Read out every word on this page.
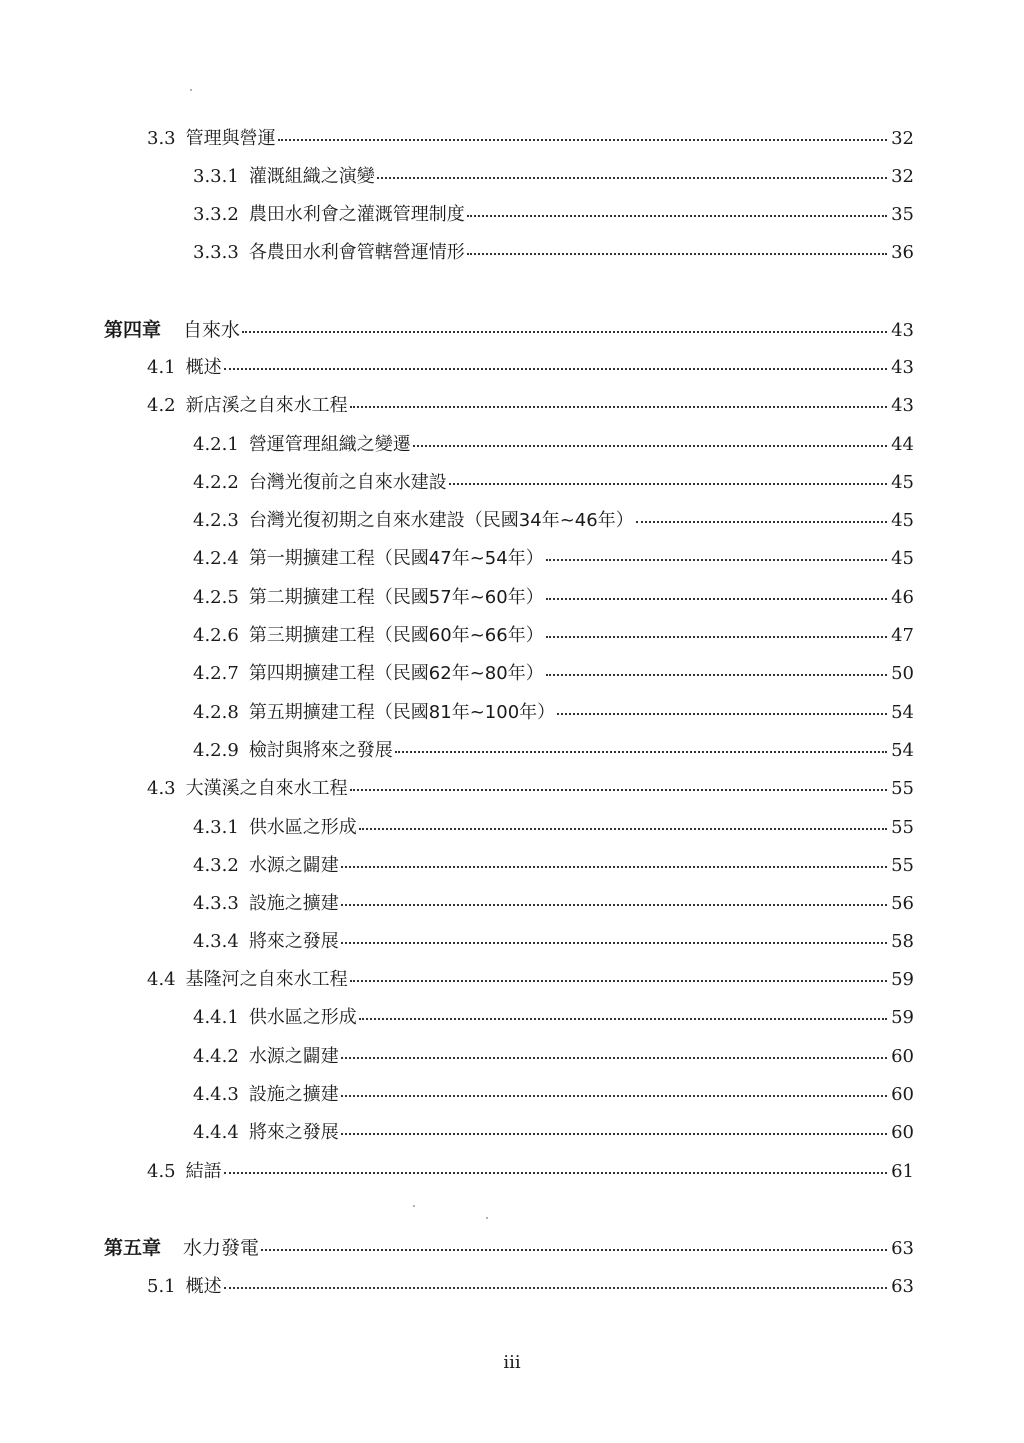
3.3 管理與營運	32
3.3.1 灌溉組織之演變	32
3.3.2 農田水利會之灌溉管理制度	35
3.3.3 各農田水利會管轄營運情形	36
第四章 自來水	43
4.1 概述	43
4.2 新店溪之自來水工程	43
4.2.1 營運管理組織之變遷	44
4.2.2 台灣光復前之自來水建設	45
4.2.3 台灣光復初期之自來水建設（民國34年~46年）	45
4.2.4 第一期擴建工程（民國47年~54年）	45
4.2.5 第二期擴建工程（民國57年~60年）	46
4.2.6 第三期擴建工程（民國60年~66年）	47
4.2.7 第四期擴建工程（民國62年~80年）	50
4.2.8 第五期擴建工程（民國81年~100年）	54
4.2.9 檢討與將來之發展	54
4.3 大漢溪之自來水工程	55
4.3.1 供水區之形成	55
4.3.2 水源之闢建	55
4.3.3 設施之擴建	56
4.3.4 將來之發展	58
4.4 基隆河之自來水工程	59
4.4.1 供水區之形成	59
4.4.2 水源之闢建	60
4.4.3 設施之擴建	60
4.4.4 將來之發展	60
4.5 結語	61
第五章 水力發電	63
5.1 概述	63
iii
